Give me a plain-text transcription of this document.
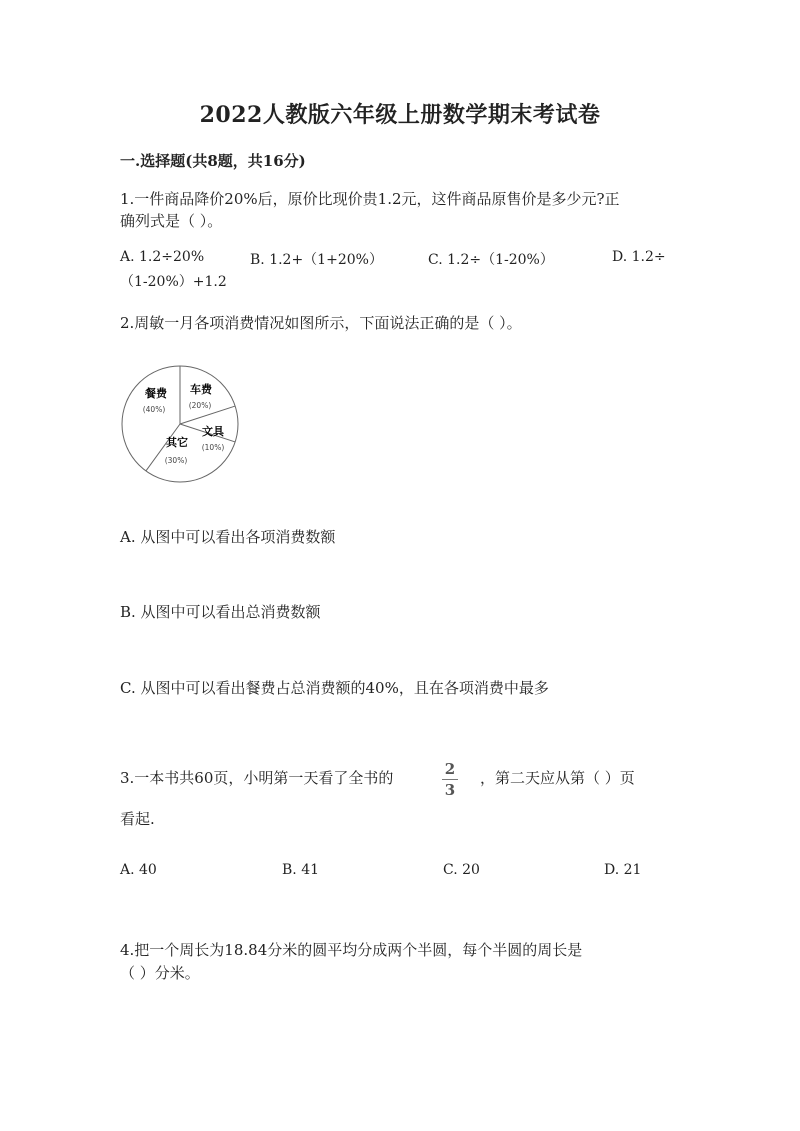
2022人教版六年级上册数学期末考试卷
一.选择题(共8题，共16分)
1.一件商品降价20%后，原价比现价贵1.2元，这件商品原售价是多少元?正
确列式是（ ）。
A. 1.2÷20%	B. 1.2+（1+20%）	C. 1.2÷（1-20%）	D. 1.2÷
（1-20%）+1.2
2.周敏一月各项消费情况如图所示，下面说法正确的是（ ）。
餐费
(40%)
车费
(20%)
文具
(10%)
其它
(30%)
A. 从图中可以看出各项消费数额
B. 从图中可以看出总消费数额
C. 从图中可以看出餐费占总消费额的40%，且在各项消费中最多
3.一本书共60页，小明第一天看了全书的	2
3
，第二天应从第（ ）页
看起.
A. 40	B. 41	C. 20	D. 21
4.把一个周长为18.84分米的圆平均分成两个半圆，每个半圆的周长是
（ ）分米。
